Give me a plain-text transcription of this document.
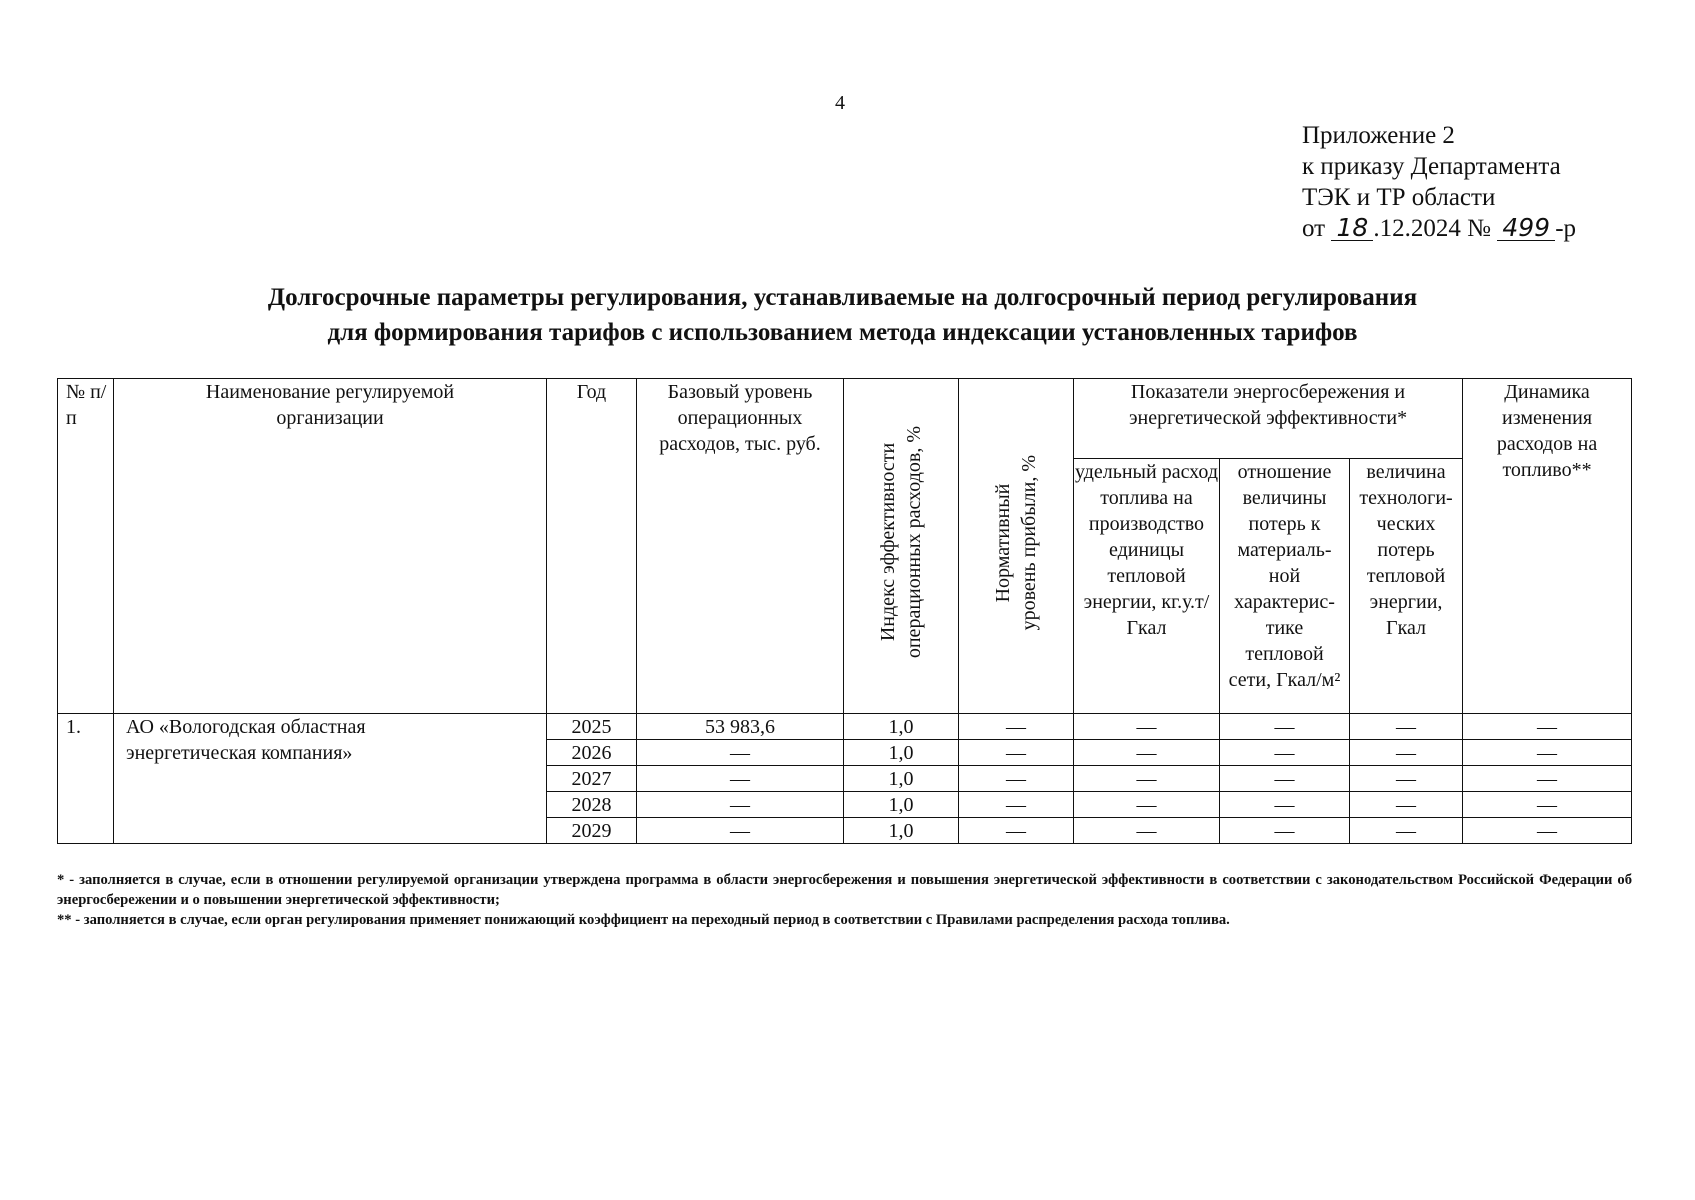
4
Приложение 2
к приказу Департамента
ТЭК и ТР области
от 18 .12.2024 № 499 -р
Долгосрочные параметры регулирования, устанавливаемые на долгосрочный период регулирования
для формирования тарифов с использованием метода индексации установленных тарифов
№ п/п	Наименование регулируемой организации	Год	Базовый уровень операционных расходов, тыс. руб.	Индекс эффективности операционных расходов, %	Нормативный уровень прибыли, %	Показатели энергосбережения и энергетической эффективности*			Динамика изменения расходов на топливо**
						удельный расход топлива на производство единицы тепловой энергии, кг.у.т/Гкал	отношение величины потерь к материаль-ной характерис-тике тепловой сети, Гкал/м²	величина технологи-ческих потерь тепловой энергии, Гкал	
1.	АО «Вологодская областная энергетическая компания»	2025	53 983,6	1,0	—	—	—	—	—
		2026	—	1,0	—	—	—	—	—
		2027	—	1,0	—	—	—	—	—
		2028	—	1,0	—	—	—	—	—
		2029	—	1,0	—	—	—	—	—

* - заполняется в случае, если в отношении регулируемой организации утверждена программа в области энергосбережения и повышения энергетической эффективности в соответствии с законодательством Российской Федерации об энергосбережении и о повышении энергетической эффективности;

** - заполняется в случае, если орган регулирования применяет понижающий коэффициент на переходный период в соответствии с Правилами распределения расхода топлива.
